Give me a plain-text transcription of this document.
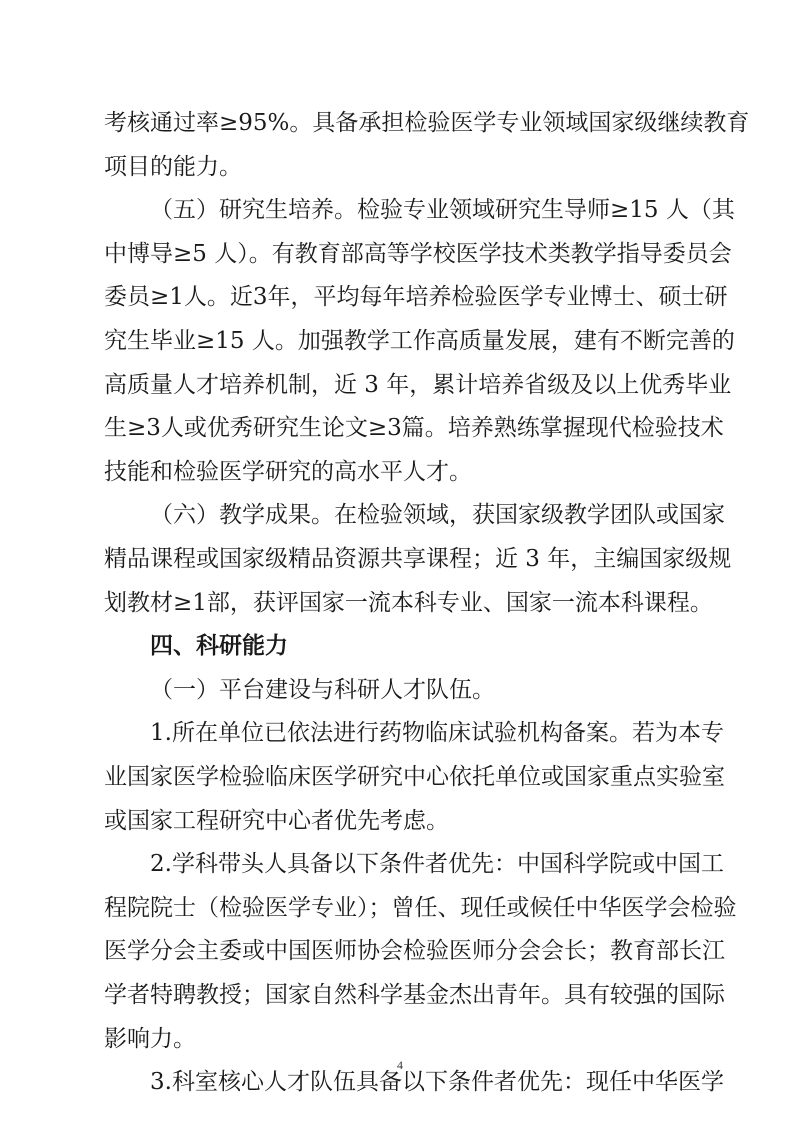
考核通过率≥95%。具备承担检验医学专业领域国家级继续教育
项目的能力。
（五）研究生培养。检验专业领域研究生导师≥15 人（其
中博导≥5 人）。有教育部高等学校医学技术类教学指导委员会
委员≥1人。近3年，平均每年培养检验医学专业博士、硕士研
究生毕业≥15 人。加强教学工作高质量发展，建有不断完善的
高质量人才培养机制，近 3 年，累计培养省级及以上优秀毕业
生≥3人或优秀研究生论文≥3篇。培养熟练掌握现代检验技术
技能和检验医学研究的高水平人才。
（六）教学成果。在检验领域，获国家级教学团队或国家
精品课程或国家级精品资源共享课程；近 3 年，主编国家级规
划教材≥1部，获评国家一流本科专业、国家一流本科课程。
四、科研能力
（一）平台建设与科研人才队伍。
1.所在单位已依法进行药物临床试验机构备案。若为本专
业国家医学检验临床医学研究中心依托单位或国家重点实验室
或国家工程研究中心者优先考虑。
2.学科带头人具备以下条件者优先：中国科学院或中国工
程院院士（检验医学专业）；曾任、现任或候任中华医学会检验
医学分会主委或中国医师协会检验医师分会会长；教育部长江
学者特聘教授；国家自然科学基金杰出青年。具有较强的国际
影响力。
3.科室核心人才队伍具备以下条件者优先：现任中华医学
4
